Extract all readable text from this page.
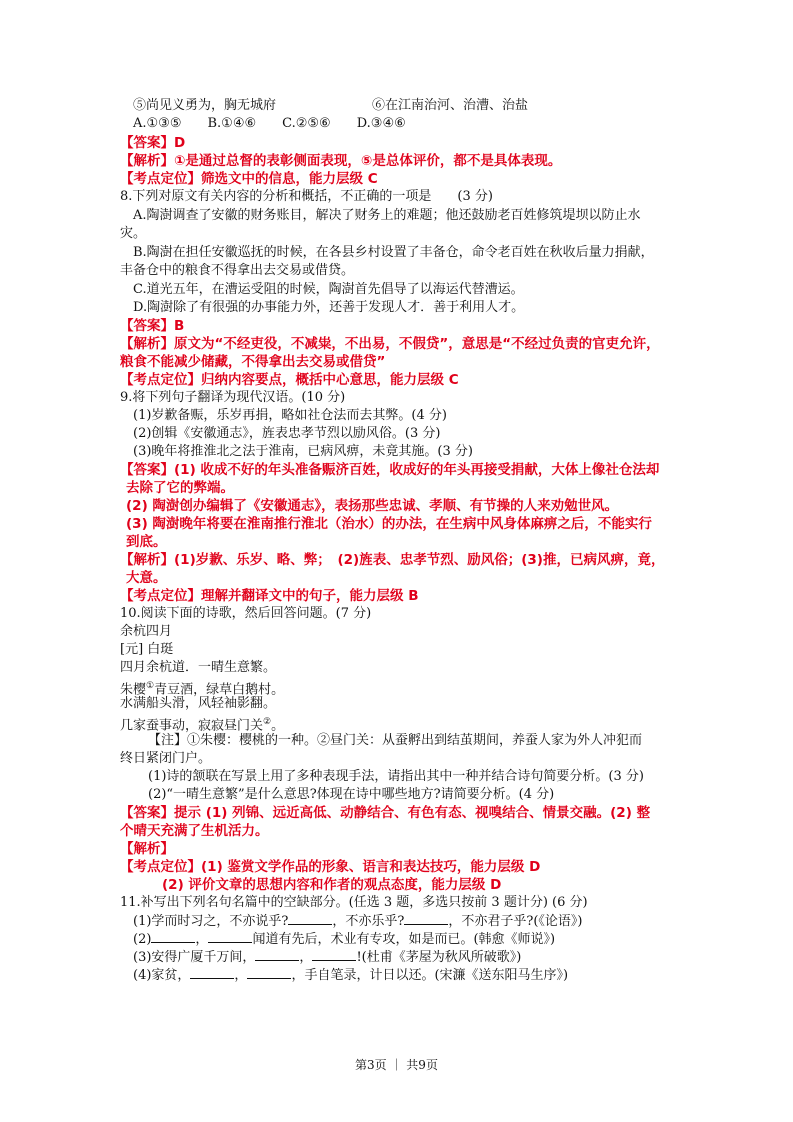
⑤尚见义勇为，胸无城府	⑥在江南治河、治漕、治盐
A.①③⑤　　B.①④⑥　　C.②⑤⑥　　D.③④⑥
【答案】D
【解析】①是通过总督的表彰侧面表现，⑤是总体评价，都不是具体表现。
【考点定位】筛选文中的信息，能力层级 C
8.下列对原文有关内容的分析和概括，不正确的一项是　　(3 分)
A.陶澍调查了安徽的财务账目，解决了财务上的难题；他还鼓励老百姓修筑堤坝以防止水
灾。
B.陶澍在担任安徽巡抚的时候，在各县乡村设置了丰备仓，命令老百姓在秋收后量力捐献，
丰备仓中的粮食不得拿出去交易或借贷。
C.道光五年，在漕运受阻的时候，陶澍首先倡导了以海运代替漕运。
D.陶澍除了有很强的办事能力外，还善于发现人才．善于利用人才。
【答案】B
【解析】原文为“不经吏役，不减粜，不出易，不假贷”，意思是“不经过负责的官吏允许，
粮食不能减少储藏，不得拿出去交易或借贷”
【考点定位】归纳内容要点，概括中心意思，能力层级 C
9.将下列句子翻译为现代汉语。(10 分)
(1)岁歉备赈，乐岁再捐，略如社仓法而去其弊。(4 分)
(2)创辑《安徽通志》，旌表忠孝节烈以励风俗。(3 分)
(3)晚年将推淮北之法于淮南，已病风痹，未竟其施。(3 分)
【答案】(1) 收成不好的年头准备赈济百姓，收成好的年头再接受捐献，大体上像社仓法却
去除了它的弊端。
(2) 陶澍创办编辑了《安徽通志》，表扬那些忠诚、孝顺、有节操的人来劝勉世风。
(3) 陶澍晚年将要在淮南推行淮北（治水）的办法，在生病中风身体麻痹之后，不能实行
到底。
【解析】(1)岁歉、乐岁、略、弊；　(2)旌表、忠孝节烈、励风俗；(3)推，已病风痹，竟，
大意。
【考点定位】理解并翻译文中的句子，能力层级 B
10.阅读下面的诗歌，然后回答问题。(7 分)
余杭四月
[元] 白珽
四月余杭道．一晴生意繁。
朱樱①青豆酒，绿草白鹅村。
水满船头滑，风轻袖影翻。
几家蚕事动，寂寂昼门关②。
【注】①朱樱：樱桃的一种。②昼门关：从蚕孵出到结茧期间，养蚕人家为外人冲犯而
终日紧闭门户。
(1)诗的颔联在写景上用了多种表现手法，请指出其中一种并结合诗句简要分析。(3 分)
(2)“一晴生意繁”是什么意思?体现在诗中哪些地方?请简要分析。(4 分)
【答案】提示 (1) 列锦、远近高低、动静结合、有色有态、视嗅结合、情景交融。(2) 整
个晴天充满了生机活力。
【解析】
【考点定位】(1) 鉴赏文学作品的形象、语言和表达技巧，能力层级 D
(2) 评价文章的思想内容和作者的观点态度，能力层级 D
11.补写出下列名句名篇中的空缺部分。(任选 3 题，多选只按前 3 题计分) (6 分)
(1)学而时习之，不亦说乎?	，不亦乐乎?	，不亦君子乎?(《论语》)
(2)	，	闻道有先后，术业有专攻，如是而已。(韩愈《师说》)
(3)安得广厦千万间，	，	!(杜甫《茅屋为秋风所破歌》)
(4)家贫，	，	，手自笔录，计日以还。(宋濂《送东阳马生序》)
第3页 ｜ 共9页
